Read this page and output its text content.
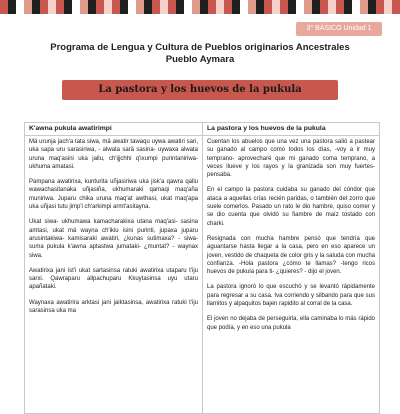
3° BÁSICO Unidad 1
Programa de Lengua y Cultura de Pueblos originarios Ancestrales
Pueblo Aymara
La pastora y los huevos de la pukula
K'awna pukula awatirimpi

Mä urunja jach'a tata siwa, mä awatir tawaqu uywa awatiri sari, uka sapa uru sarasiriwa, - alwata sarä sasina- uywaxa alwata uruna maq'asini uka jallu, ch'ijjchhi q'ixumpi purintaniriwa- ukhuma amatasi.

Pampana awatirixa, kunturita uñjasiriwa uka jisk'a qawra qallu wawachasitanaka uñjasiña, ukhumaraki qamaqi maq'aña muniriwa. Juparu chika uruna maq'at awthasi, ukat maq'apa uka uñjasi tutu jimp'i ch'arkimpi armt'asitayna.

Ukat siwa- ukhumawa kamacharakixa utana maq'asi- sasina amtasi, ukat mä wayna ch'ikiu isini purinti, jupaxa juparu arusintakiwa- kamisaraki awatiri, ¿kunas sutimaxa? - siwa- suma pukula k'awna aptastwa jumataki- ¿muntat? - waynax siwa.

Awatirixa jani ist'i ukat sartasinsa ratuki awatirixa utaparu t'iju sarxi. Qawraparu allpachuparu Kkuytasinsa uyu utaru apañataki.

Waynaxa awatirira arktasi jani jaiktasinsa, awatirixa ratuki t'iju sarasinsa uka ma

La pastora y los huevos de la pukula

Cuentan los abuelos que una vez una pastora salió a pastear su ganado al campo como todos los días, -voy a ir muy temprano- aprovecharé que mi ganado coma temprano, a veces llueve y los rayos y la granizada son muy fuertes- pensaba.

En el campo la pastora cuidaba su ganado del cóndor que ataca a aquellas crías recién paridas, o también del zorro que suele comerlos. Pasado un rato le dio hambre, quiso comer y se dio cuenta que olvidó su fiambre de maíz tostado con charki.

Resignada con mucha hambre pensó que tendría que aguantarse hasta llegar a la casa, pero en eso aparece un joven, vestido de chaqueta de color gris y la saluda con mucha confianza. -Hola pastora ¿cómo te llamas? -tengo ricos huevos de pukula para ti- ¿quieres? - dijo el joven.

La pastora ignoró lo que escuchó y se levantó rápidamente para regresar a su casa. Iva corriendo y silbando para que sus llamitos y alpaquitos bajen rapidito al corral de la casa.

El joven no dejaba de perseguirla, ella caminaba lo más rápido que podía, y en eso una pukula
